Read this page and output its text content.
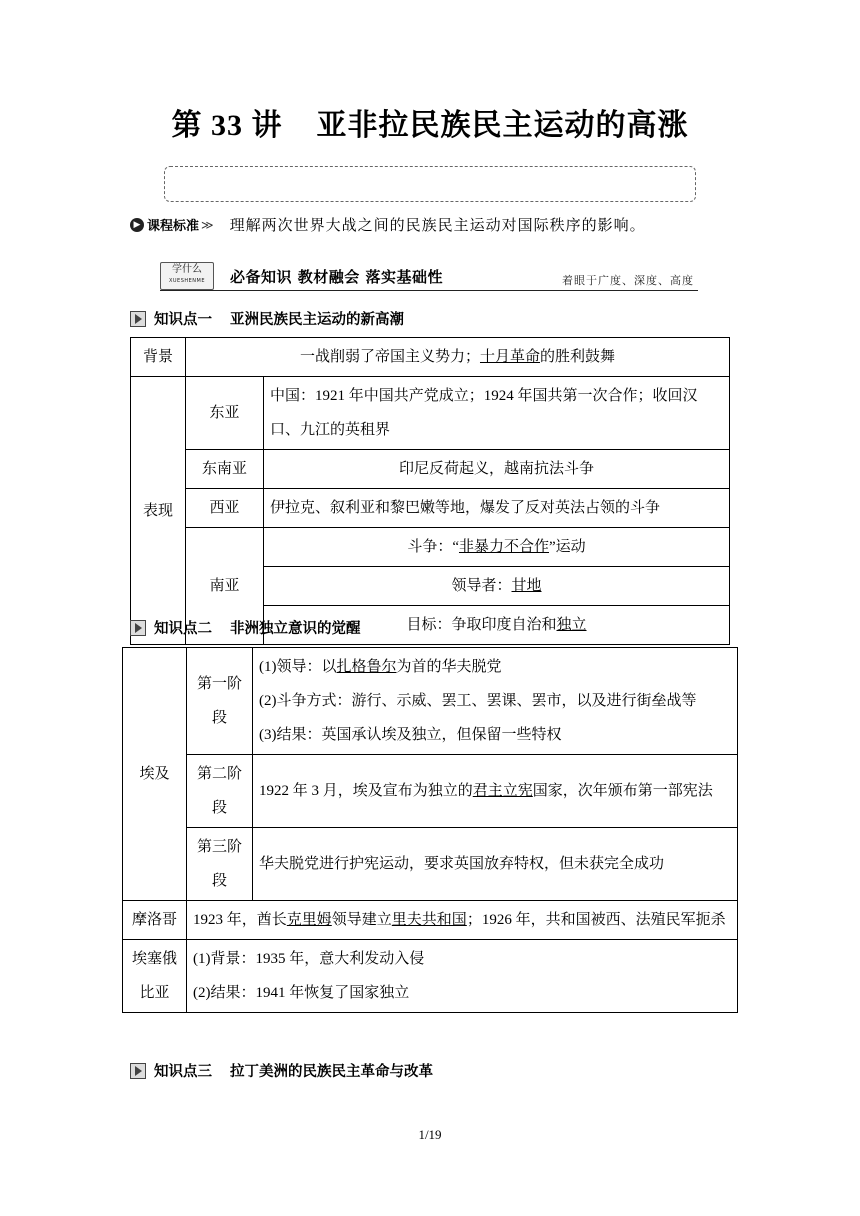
第 33 讲 亚非拉民族民主运动的高涨
▶ 课程标准 ≫ 理解两次世界大战之间的民族民主运动对国际秩序的影响。
学什么
XUESHENME	必备知识 教材融会 落实基础性	着眼于广度、深度、高度
知识点一 亚洲民族民主运动的新高潮
背景	一战削弱了帝国主义势力；十月革命的胜利鼓舞	
表现	东亚	中国：1921 年中国共产党成立；1924 年国共第一次合作；收回汉口、九江的英租界
	东南亚	印尼反荷起义，越南抗法斗争
	西亚	伊拉克、叙利亚和黎巴嫩等地，爆发了反对英法占领的斗争
	南亚	斗争：“非暴力不合作”运动
		领导者：甘地
		目标：争取印度自治和独立
知识点二 非洲独立意识的觉醒
埃及	第一阶段	(1)领导：以扎格鲁尔为首的华夫脱党
(2)斗争方式：游行、示威、罢工、罢课、罢市，以及进行街垒战等
(3)结果：英国承认埃及独立，但保留一些特权

	第二阶段	1922 年 3 月，埃及宣布为独立的君主立宪国家，次年颁布第一部宪法
	第三阶段	华夫脱党进行护宪运动，要求英国放弃特权，但未获完全成功
摩洛哥	1923 年，酋长克里姆领导建立里夫共和国；1926 年，共和国被西、法殖民军扼杀	
埃塞俄比亚	(1)背景：1935 年，意大利发动入侵
(2)结果：1941 年恢复了国家独立	
知识点三 拉丁美洲的民族民主革命与改革
1/19
